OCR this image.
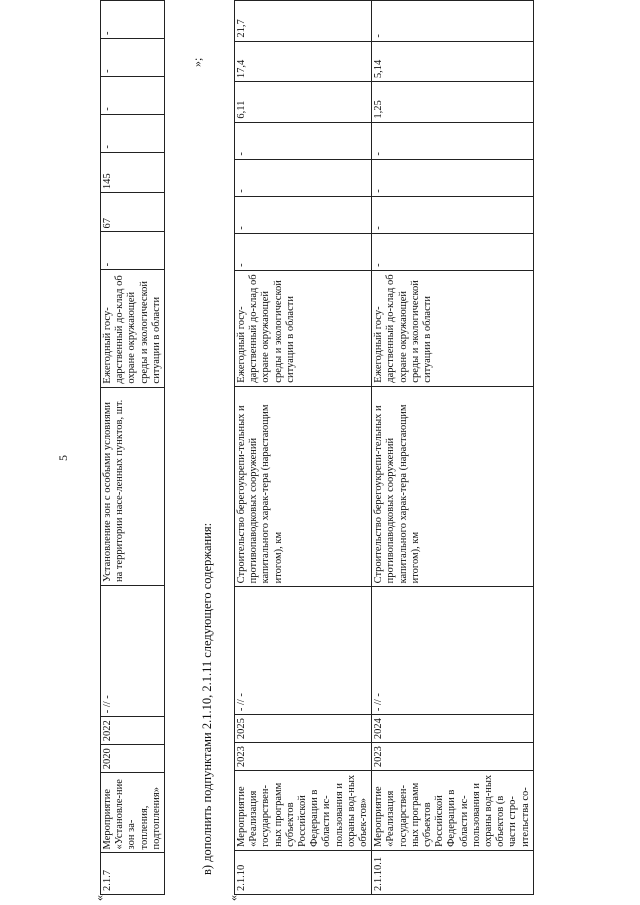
5
«
2.1.7	Мероприятие «Установле-ние зон за-топления, подтопления»	2020	2022	- // -	Установление зон с особыми условиями на территории насе-ленных пунктов, шт.	Ежегодный госу-дарственный до-клад об охране окружающей среды и экологической ситуации в области	-	67	145	-	-	-	-
»;
в) дополнить подпунктами 2.1.10, 2.1.11 следующего содержания:
«
2.1.10	Мероприятие «Реализация государствен-ных программ субъектов Российской Федерации в области ис-пользования и охраны вод-ных объек-тов»	2023	2025	- // -	Строительство берегоукрепи-тельных и противопаводковых сооружений капитального харак-тера (нарастающим итогом), км	Ежегодный госу-дарственный до-клад об охране окружающей среды и экологической ситуации в области	-	-	-	-	6,11	17,4	21,7
2.1.10.1	Мероприятие «Реализация государствен-ных программ субъектов Российской Федерации в области ис-пользования и охраны вод-ных объектов (в части стро-ительства со-	2023	2024	- // -	Строительство берегоукрепи-тельных и противопаводковых сооружений капитального харак-тера (нарастающим итогом), км	Ежегодный госу-дарственный до-клад об охране окружающей среды и экологической ситуации в области	-	-	-	-	1,25	5,14	-
